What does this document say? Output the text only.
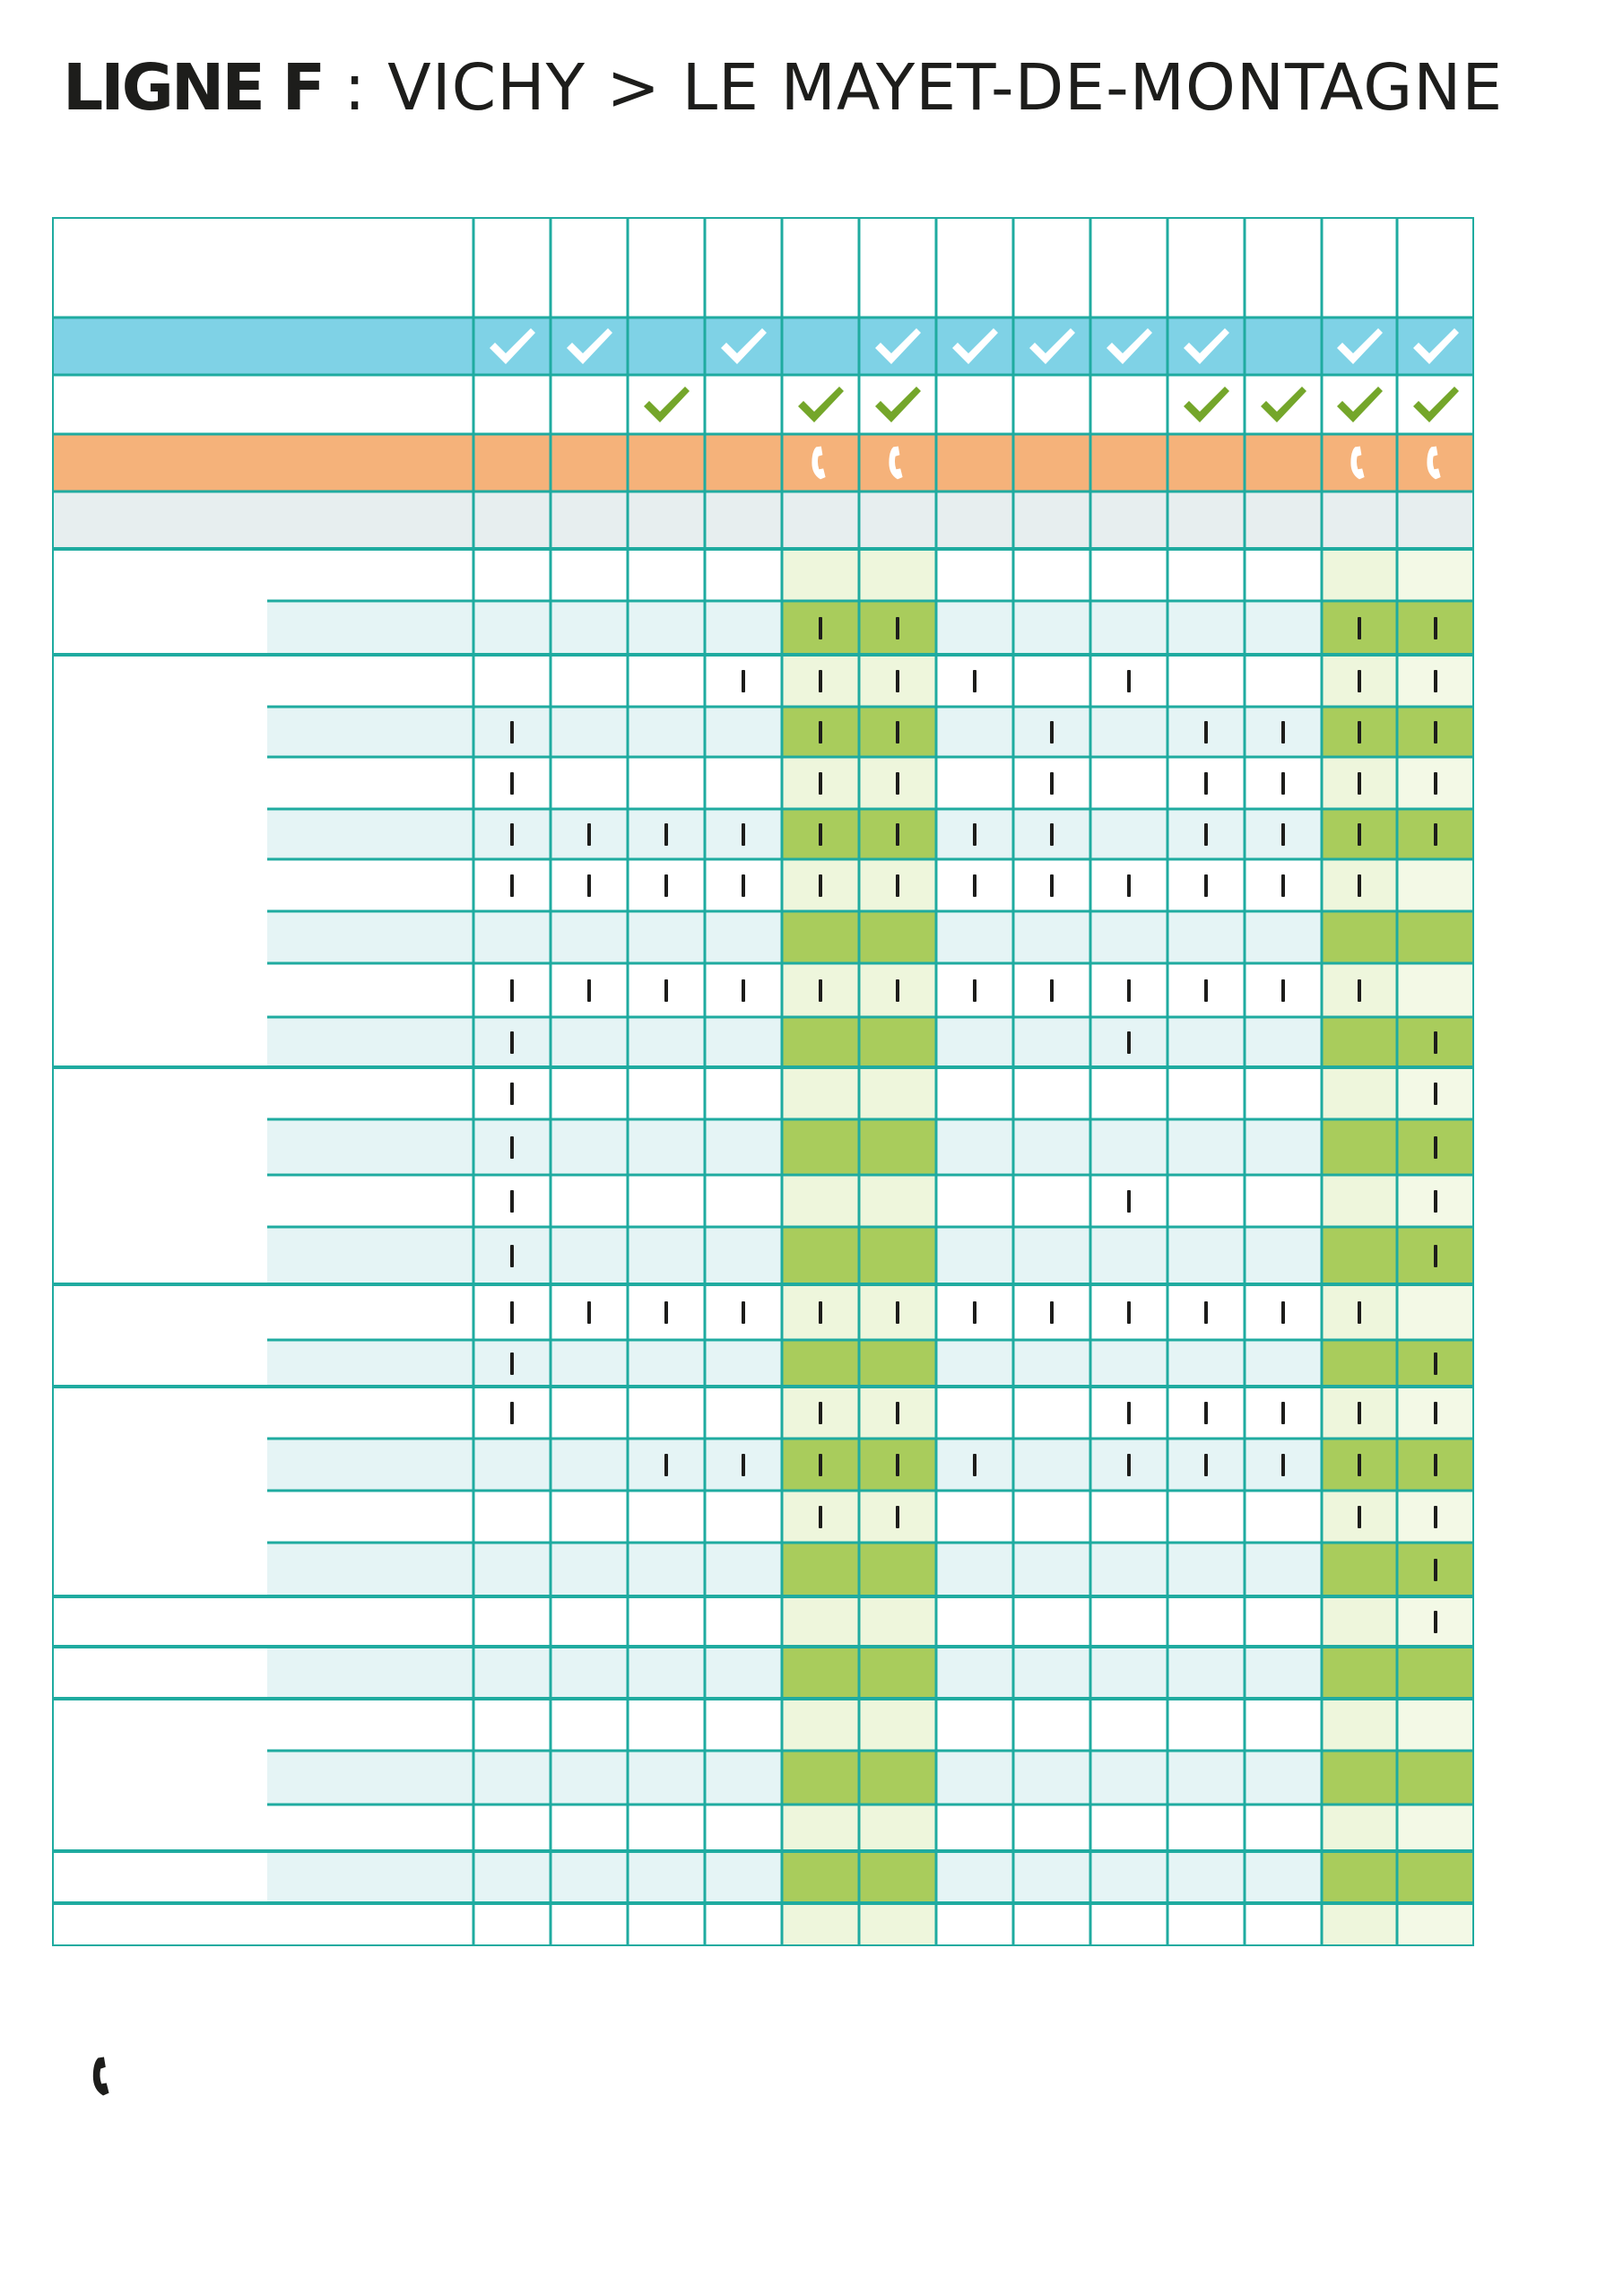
LIGNE F : VICHY > LE MAYET-DE-MONTAGNE
